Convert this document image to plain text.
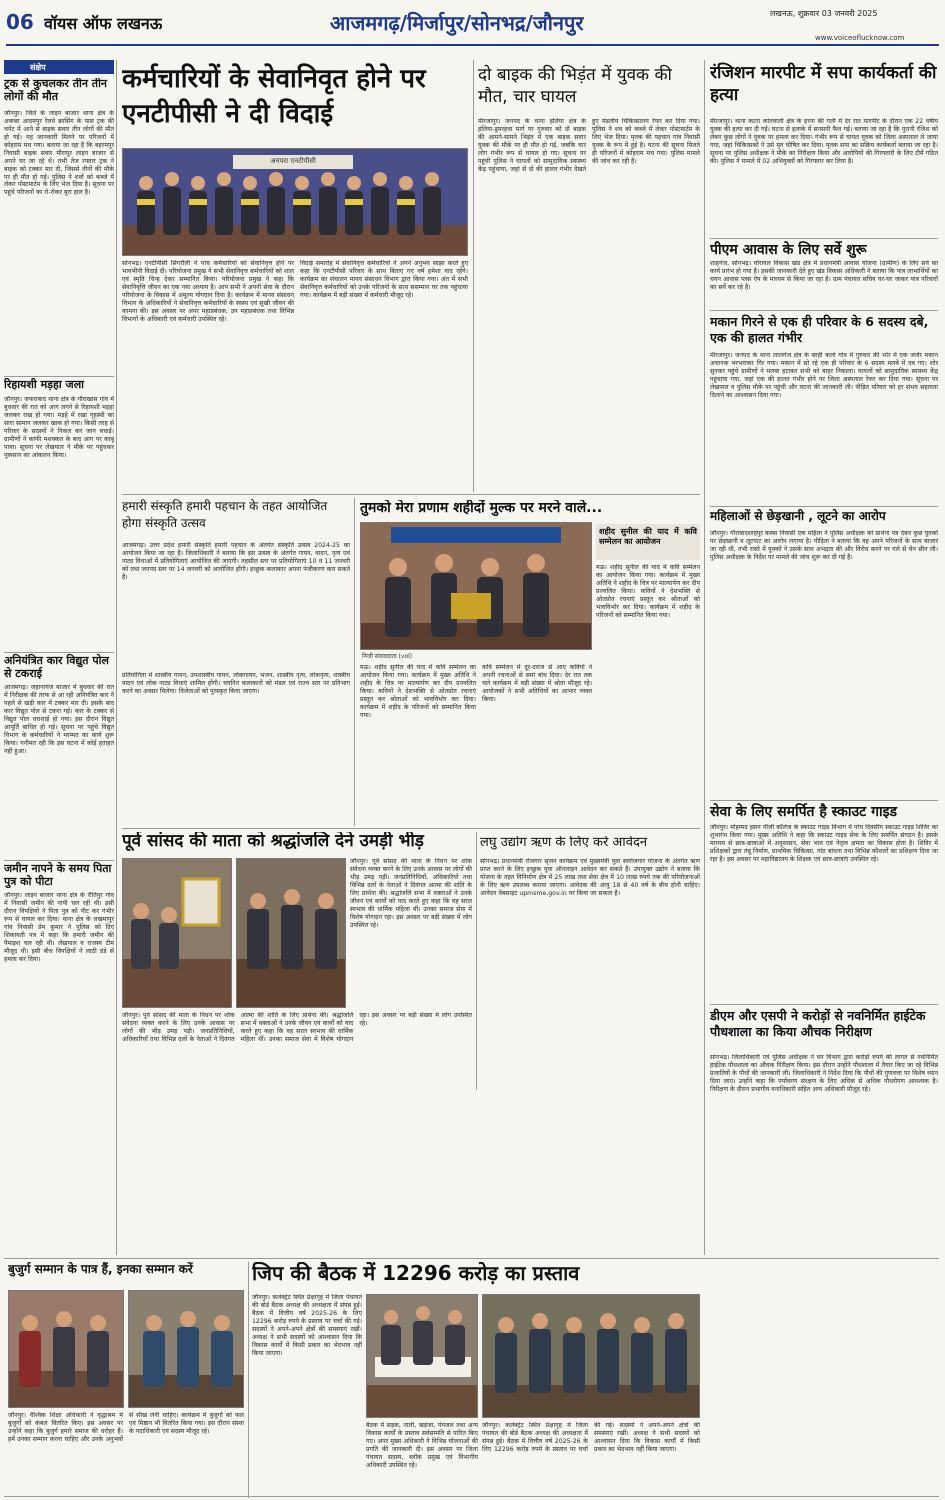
06 वॉयस ऑफ लखनऊ	आजमगढ़/मिर्जापुर/सोनभद्र/जौनपुर	लखनऊ, शुक्रवार 03 जनवरी 2025
www.voiceoflucknow.com
संक्षेप
ट्रक से कुचलकर तीन तीन लोगों की मौत
जौनपुर। जिले के लाइन बाजार थाना क्षेत्र के अकबर आदमपुर रेलवे क्रासिंग के पास ट्रक की चपेट में आने से बाइक सवार तीन लोगों की मौत हो गई। यह जानकारी मिलने पर परिजनों में कोहराम मच गया। बताया जा रहा है कि बहरमपुर निवासी बाइक सवार मीरापुर लाइन बाजार से अपने घर जा रहे थे। तभी तेज रफ्तार ट्रक ने बाइक को टक्कर मार दी, जिससे तीनों की मौके पर ही मौत हो गई। पुलिस ने शवों को कब्जे में लेकर पोस्टमार्टम के लिए भेज दिया है। सूचना पर पहुंचे परिजनों का रो-रोकर बुरा हाल है।
रिहायशी मड़हा जला
जौनपुर। जफराबाद थाना क्षेत्र के गौराखास गांव में बुधवार की रात को आग लगने से रिहायशी मड़हा जलकर राख हो गया। मड़हे में रखा गृहस्थी का सारा सामान जलकर खाक हो गया। किसी तरह से परिवार के सदस्यों ने निकल कर जान बचाई। ग्रामीणों ने काफी मशक्कत के बाद आग पर काबू पाया। सूचना पर लेखपाल ने मौके पर पहुंचकर नुकसान का आंकलन किया।
अनियंत्रित कार विद्युत पोल से टकराई
आजमगढ़। जहानागंज बाजार में बुधवार की रात में निरीक्षक की तरफ से आ रही अनियंत्रित कार ने पहले से खड़ी कार में टक्कर मार दी। इसके बाद कार विद्युत पोल से टकरा गई। कार के टक्कर से विद्युत पोल धराशाई हो गया। इस दौरान विद्युत आपूर्ति बाधित हो गई। सूचना पर पहुंचे विद्युत विभाग के कर्मचारियों ने मरम्मत का कार्य शुरू किया। गनीमत रही कि इस घटना में कोई हताहत नहीं हुआ।
जमीन नापने के समय पिता पुत्र को पीटा
जौनपुर। लाइन बाजार थाना क्षेत्र के रौतिपुर गांव में निवासी जमीन की नापी चल रही थी। इसी दौरान विपक्षियों ने पिता पुत्र को पीट कर गंभीर रूप से घायल कर दिया। थाना क्षेत्र के लखमापुर गांव निवासी प्रेम कुमार ने पुलिस को दिए शिकायती पत्र में कहा कि हमारी जमीन की पैमाइश चल रही थी। लेखपाल व राजस्व टीम मौजूद थी। इसी बीच विपक्षियों ने लाठी डंडे से हमला कर दिया।
कर्मचारियों के सेवानिवृत होने पर एनटीपीसी ने दी विदाई
अनपरा एनटीपीसी
सोनभद्र। एनटीपीसी सिंगरौली ने पांच कर्मचारियों को सेवानिवृत्त होने पर भावभीनी विदाई दी। परियोजना प्रमुख ने सभी सेवानिवृत्त कर्मचारियों को शाल एवं स्मृति चिन्ह देकर सम्मानित किया। परियोजना प्रमुख ने कहा कि सेवानिवृत्ति जीवन का एक नया अध्याय है। आप सभी ने अपनी सेवा के दौरान परियोजना के विकास में अमूल्य योगदान दिया है। कार्यक्रम में मानव संसाधन विभाग के अधिकारियों ने सेवानिवृत्त कर्मचारियों के स्वस्थ एवं सुखी जीवन की कामना की। इस अवसर पर अपर महाप्रबंधक, उप महाप्रबंधक तथा विभिन्न विभागों के अधिकारी एवं कर्मचारी उपस्थित रहे।
विदाई समारोह में सेवानिवृत्त कर्मचारियों ने अपने अनुभव साझा करते हुए कहा कि एनटीपीसी परिवार के साथ बिताए गए वर्ष हमेशा याद रहेंगे। कार्यक्रम का संचालन मानव संसाधन विभाग द्वारा किया गया। अंत में सभी सेवानिवृत्त कर्मचारियों को उनके परिजनों के साथ ससम्मान घर तक पहुंचाया गया। कार्यक्रम में बड़ी संख्या में कर्मचारी मौजूद रहे।
दो बाइक की भिड़ंत में युवक की मौत, चार घायल
मीरजापुर। जनपद के थाना हलिया क्षेत्र के हलिया-डुमरहवा मार्ग पर गुरुवार को दो बाइक की आमने-सामने भिड़ंत में एक बाइक सवार युवक की मौके पर ही मौत हो गई, जबकि चार लोग गंभीर रूप से घायल हो गए। सूचना पर पहुंची पुलिस ने घायलों को सामुदायिक स्वास्थ्य केंद्र पहुंचाया, जहां से दो की हालत गंभीर देखते हुए मंडलीय चिकित्सालय रेफर कर दिया गया। पुलिस ने शव को कब्जे में लेकर पोस्टमार्टम के लिए भेज दिया। मृतक की पहचान गांव निवासी युवक के रूप में हुई है। घटना की सूचना मिलते ही परिजनों में कोहराम मच गया। पुलिस मामले की जांच कर रही है।
रंजिशन मारपीट में सपा कार्यकर्ता की हत्या
मीरजापुर। थाना कटरा कोतवाली क्षेत्र के हरना की गली में देर रात मारपीट के दौरान एक 22 वर्षीय युवक की हत्या कर दी गई। घटना से इलाके में सनसनी फैल गई। बताया जा रहा है कि पुरानी रंजिश को लेकर कुछ लोगों ने युवक पर हमला कर दिया। गंभीर रूप से घायल युवक को जिला अस्पताल ले जाया गया, जहां चिकित्सकों ने उसे मृत घोषित कर दिया। मृतक सपा का सक्रिय कार्यकर्ता बताया जा रहा है। सूचना पर पुलिस अधीक्षक ने मौके का निरीक्षण किया और आरोपियों की गिरफ्तारी के लिए टीमें गठित की। पुलिस ने मामले में 02 अभियुक्तों को गिरफ्तार कर लिया है।
पीएम आवास के लिए सर्वे शुरू
शाहगंज, सोनभद्र। घोरावल विकास खंड क्षेत्र में प्रधानमंत्री आवास योजना (ग्रामीण) के लिए सर्वे का कार्य प्रारंभ हो गया है। इसकी जानकारी देते हुए खंड विकास अधिकारी ने बताया कि पात्र लाभार्थियों का चयन आवास प्लस ऐप के माध्यम से किया जा रहा है। ग्राम पंचायत सचिव घर-घर जाकर पात्र परिवारों का सर्वे कर रहे हैं।
मकान गिरने से एक ही परिवार के 6 सदस्य दबे, एक की हालत गंभीर
मीरजापुर। जनपद के थाना लालगंज क्षेत्र के बरही कलां गांव में गुरुवार की भोर में एक जर्जर मकान अचानक भरभराकर गिर गया। मकान में सो रहे एक ही परिवार के 6 सदस्य मलबे में दब गए। शोर सुनकर पहुंचे ग्रामीणों ने मलबा हटाकर सभी को बाहर निकाला। घायलों को सामुदायिक स्वास्थ्य केंद्र पहुंचाया गया, जहां एक की हालत गंभीर होने पर जिला अस्पताल रेफर कर दिया गया। सूचना पर लेखपाल व पुलिस मौके पर पहुंची और घटना की जानकारी ली। पीड़ित परिवार को हर संभव सहायता दिलाने का आश्वासन दिया गया।
महिलाओं से छेड़खानी , लूटने का आरोप
जौनपुर। गौराबादशाहपुर कस्बा निवासी एक महिला ने पुलिस अधीक्षक को प्रार्थना पत्र देकर कुछ युवकों पर छेड़खानी व लूटपाट का आरोप लगाया है। पीड़िता ने बताया कि वह अपने परिजनों के साथ बाजार जा रही थी, तभी रास्ते में युवकों ने उसके साथ अभद्रता की और विरोध करने पर गले से चेन छीन ली। पुलिस अधीक्षक के निर्देश पर मामले की जांच शुरू कर दी गई है।
हमारी संस्कृति हमारी पहचान के तहत आयोजित होगा संस्कृति उत्सव
आजमगढ़। उत्तर प्रदेश हमारी संस्कृति हमारी पहचान के अंतर्गत संस्कृति उत्सव 2024-25 का आयोजन किया जा रहा है। जिलाधिकारी ने बताया कि इस उत्सव के अंतर्गत गायन, वादन, नृत्य एवं नाट्य विधाओं में प्रतियोगिताएं आयोजित की जाएंगी। तहसील स्तर पर प्रतियोगिताएं 10 व 11 जनवरी को तथा जनपद स्तर पर 14 जनवरी को आयोजित होंगी। इच्छुक कलाकार अपना पंजीकरण करा सकते हैं।
प्रतियोगिता में शास्त्रीय गायन, उपशास्त्रीय गायन, लोकगायन, भजन, शास्त्रीय नृत्य, लोकनृत्य, शास्त्रीय वादन एवं लोक नाट्य विधाएं शामिल होंगी। चयनित कलाकारों को मंडल एवं राज्य स्तर पर प्रतिभाग करने का अवसर मिलेगा। विजेताओं को पुरस्कृत किया जाएगा।
तुमको मेरा प्रणाम शहीदों मुल्क पर मरने वाले...
शहीद सुनील की याद में कवि सम्मेलन का आयोजन
निजी संवाददाता (vol)
मऊ। शहीद सुनील की याद में कवि सम्मेलन का आयोजन किया गया। कार्यक्रम में मुख्य अतिथि ने शहीद के चित्र पर माल्यार्पण कर दीप प्रज्वलित किया। कवियों ने देशभक्ति से ओतप्रोत रचनाएं प्रस्तुत कर श्रोताओं को भावविभोर कर दिया। कार्यक्रम में शहीद के परिजनों को सम्मानित किया गया।
कवि सम्मेलन में दूर-दराज से आए कवियों ने अपनी रचनाओं से समां बांध दिया। देर रात तक चले कार्यक्रम में बड़ी संख्या में श्रोता मौजूद रहे। आयोजकों ने सभी अतिथियों का आभार व्यक्त किया।
मऊ। शहीद सुनील की याद में कवि सम्मेलन का आयोजन किया गया। कार्यक्रम में मुख्य अतिथि ने शहीद के चित्र पर माल्यार्पण कर दीप प्रज्वलित किया। कवियों ने देशभक्ति से ओतप्रोत रचनाएं प्रस्तुत कर श्रोताओं को भावविभोर कर दिया। कार्यक्रम में शहीद के परिजनों को सम्मानित किया गया।
पूर्व सांसद की माता को श्रद्धांजलि देने उमड़ी भीड़
जौनपुर। पूर्व सांसद की माता के निधन पर शोक संवेदना व्यक्त करने के लिए उनके आवास पर लोगों की भीड़ उमड़ पड़ी। जनप्रतिनिधियों, अधिकारियों तथा विभिन्न दलों के नेताओं ने दिवंगत आत्मा की शांति के लिए प्रार्थना की। श्रद्धांजलि सभा में वक्ताओं ने उनके जीवन एवं कार्यों को याद करते हुए कहा कि वह सरल स्वभाव की धार्मिक महिला थीं। उनका समाज सेवा में विशेष योगदान रहा। इस अवसर पर बड़ी संख्या में लोग उपस्थित रहे।
जौनपुर। पूर्व सांसद की माता के निधन पर शोक संवेदना व्यक्त करने के लिए उनके आवास पर लोगों की भीड़ उमड़ पड़ी। जनप्रतिनिधियों, अधिकारियों तथा विभिन्न दलों के नेताओं ने दिवंगत आत्मा की शांति के लिए प्रार्थना की। श्रद्धांजलि सभा में वक्ताओं ने उनके जीवन एवं कार्यों को याद करते हुए कहा कि वह सरल स्वभाव की धार्मिक महिला थीं। उनका समाज सेवा में विशेष योगदान रहा। इस अवसर पर बड़ी संख्या में लोग उपस्थित रहे।
लघु उद्योग ऋण के लिए करें आवेदन
सोनभद्र। प्रधानमंत्री रोजगार सृजन कार्यक्रम एवं मुख्यमंत्री युवा स्वरोजगार योजना के अंतर्गत ऋण प्राप्त करने के लिए इच्छुक युवा ऑनलाइन आवेदन कर सकते हैं। उपायुक्त उद्योग ने बताया कि योजना के तहत विनिर्माण क्षेत्र में 25 लाख तथा सेवा क्षेत्र में 10 लाख रुपये तक की परियोजनाओं के लिए ऋण उपलब्ध कराया जाएगा। आवेदक की आयु 18 से 40 वर्ष के बीच होनी चाहिए। आवेदन वेबसाइट upmsme.gov.in पर किया जा सकता है।
सेवा के लिए समर्पित है स्काउट गाइड
जौनपुर। मोहम्मद हसन पीजी कॉलेज के स्काउट गाइड विभाग में पांच दिवसीय स्काउट गाइड शिविर का शुभारंभ किया गया। मुख्य अतिथि ने कहा कि स्काउट गाइड सेवा के लिए समर्पित संगठन है। इसके माध्यम से छात्र-छात्राओं में अनुशासन, सेवा भाव एवं नेतृत्व क्षमता का विकास होता है। शिविर में प्रशिक्षकों द्वारा तंबू निर्माण, प्राथमिक चिकित्सा, गांठ बांधना तथा विभिन्न कौशलों का प्रशिक्षण दिया जा रहा है। इस अवसर पर महाविद्यालय के शिक्षक एवं छात्र-छात्राएं उपस्थित रहे।
डीएम और एसपी ने करोड़ों से नवनिर्मित हाईटेक पौधशाला का किया औचक निरीक्षण
सोनभद्र। जिलाधिकारी एवं पुलिस अधीक्षक ने वन विभाग द्वारा करोड़ों रुपये की लागत से नवनिर्मित हाईटेक पौधशाला का औचक निरीक्षण किया। इस दौरान उन्होंने पौधशाला में तैयार किए जा रहे विभिन्न प्रजातियों के पौधों की जानकारी ली। जिलाधिकारी ने निर्देश दिया कि पौधों की गुणवत्ता पर विशेष ध्यान दिया जाए। उन्होंने कहा कि पर्यावरण संरक्षण के लिए अधिक से अधिक पौधरोपण आवश्यक है। निरीक्षण के दौरान प्रभागीय वनाधिकारी सहित अन्य अधिकारी मौजूद रहे।
बुजुर्ग सम्मान के पात्र हैं, इनका सम्मान करें
जौनपुर। वैश्विक शिक्षा अधिकारी ने वृद्धाश्रम में बुजुर्गों को कंबल वितरित किए। इस अवसर पर उन्होंने कहा कि बुजुर्ग हमारे समाज की धरोहर हैं। हमें उनका सम्मान करना चाहिए और उनके अनुभवों से सीख लेनी चाहिए। कार्यक्रम में बुजुर्गों को फल एवं मिष्ठान भी वितरित किया गया। इस दौरान संस्था के पदाधिकारी एवं सदस्य मौजूद रहे।
जिप की बैठक में 12296 करोड़ का प्रस्ताव
जौनपुर। कलेक्ट्रेट स्थित प्रेक्षागृह में जिला पंचायत की बोर्ड बैठक अध्यक्ष की अध्यक्षता में संपन्न हुई। बैठक में वित्तीय वर्ष 2025-26 के लिए 12296 करोड़ रुपये के प्रस्ताव पर चर्चा की गई। सदस्यों ने अपने-अपने क्षेत्रों की समस्याएं रखीं। अध्यक्ष ने सभी सदस्यों को आश्वासन दिया कि विकास कार्यों में किसी प्रकार का भेदभाव नहीं किया जाएगा।
बैठक में सड़क, नाली, खड़ंजा, पेयजल तथा अन्य विकास कार्यों के प्रस्ताव सर्वसम्मति से पारित किए गए। अपर मुख्य अधिकारी ने विभिन्न योजनाओं की प्रगति की जानकारी दी। इस अवसर पर जिला पंचायत सदस्य, ब्लॉक प्रमुख एवं विभागीय अधिकारी उपस्थित रहे।
जौनपुर। कलेक्ट्रेट स्थित प्रेक्षागृह में जिला पंचायत की बोर्ड बैठक अध्यक्ष की अध्यक्षता में संपन्न हुई। बैठक में वित्तीय वर्ष 2025-26 के लिए 12296 करोड़ रुपये के प्रस्ताव पर चर्चा की गई। सदस्यों ने अपने-अपने क्षेत्रों की समस्याएं रखीं। अध्यक्ष ने सभी सदस्यों को आश्वासन दिया कि विकास कार्यों में किसी प्रकार का भेदभाव नहीं किया जाएगा।
